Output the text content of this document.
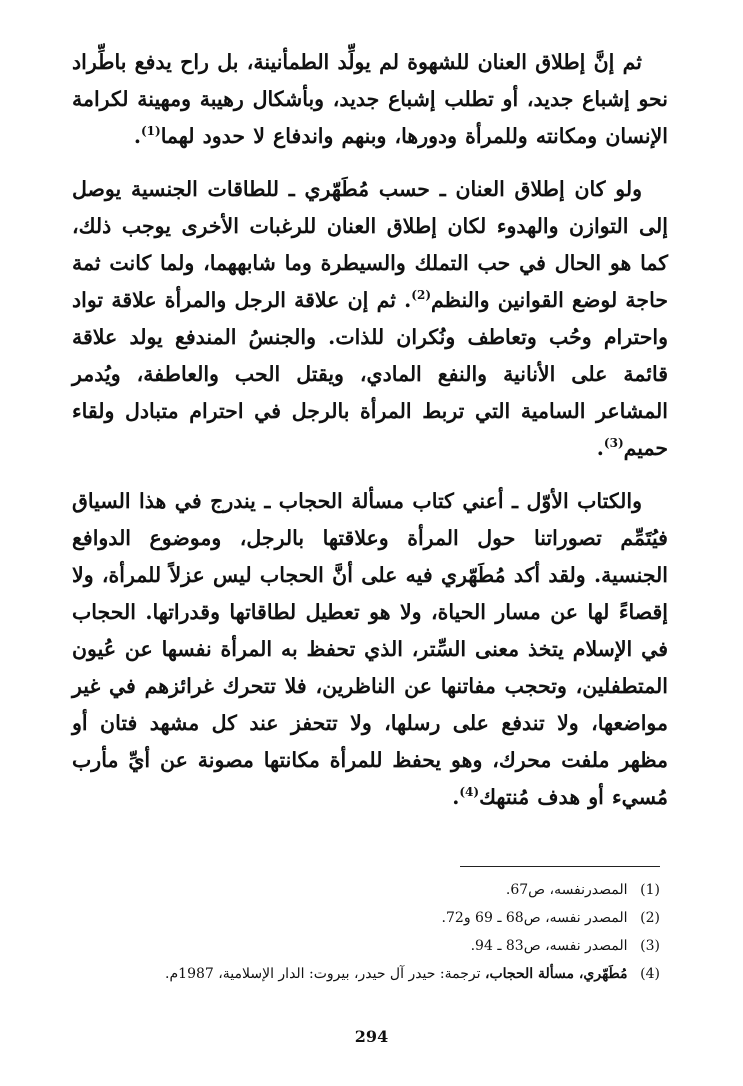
ثم إنَّ إطلاق العنان للشهوة لم يولِّد الطمأنينة، بل راح يدفع باطِّراد نحو إشباع جديد، أو تطلب إشباع جديد، وبأشكال رهيبة ومهينة لكرامة الإنسان ومكانته وللمرأة ودورها، وبنهم واندفاع لا حدود لهما$^{(1)}$.

ولو كان إطلاق العنان ـ حسب مُطَهّري ـ للطاقات الجنسية يوصل إلى التوازن والهدوء لكان إطلاق العنان للرغبات الأخرى يوجب ذلك، كما هو الحال في حب التملك والسيطرة وما شابههما، ولما كانت ثمة حاجة لوضع القوانين والنظم$^{(2)}$. ثم إن علاقة الرجل والمرأة علاقة تواد واحترام وحُب وتعاطف ونُكران للذات. والجنسُ المندفع يولد علاقة قائمة على الأنانية والنفع المادي، ويقتل الحب والعاطفة، ويُدمر المشاعر السامية التي تربط المرأة بالرجل في احترام متبادل ولقاء حميم$^{(3)}$.

والكتاب الأوّل ـ أعني كتاب مسألة الحجاب ـ يندرج في هذا السياق فيُتَمِّم تصوراتنا حول المرأة وعلاقتها بالرجل، وموضوع الدوافع الجنسية. ولقد أكد مُطَهّري فيه على أنَّ الحجاب ليس عزلاً للمرأة، ولا إقصاءً لها عن مسار الحياة، ولا هو تعطيل لطاقاتها وقدراتها. الحجاب في الإسلام يتخذ معنى السِّتر، الذي تحفظ به المرأة نفسها عن عُيون المتطفلين، وتحجب مفاتنها عن الناظرين، فلا تتحرك غرائزهم في غير مواضعها، ولا تندفع على رسلها، ولا تتحفز عند كل مشهد فتان أو مظهر ملفت محرك، وهو يحفظ للمرأة مكانتها مصونة عن أيِّ مأرب مُسيء أو هدف مُنتهك$^{(4)}$.

(1) المصدرنفسه، ص67.
(2) المصدر نفسه، ص68 ـ 69 و72.
(3) المصدر نفسه، ص83 ـ 94.
(4) مُطَهّري، مسألة الحجاب، ترجمة: حيدر آل حيدر، بيروت: الدار الإسلامية، 1987م.
294
